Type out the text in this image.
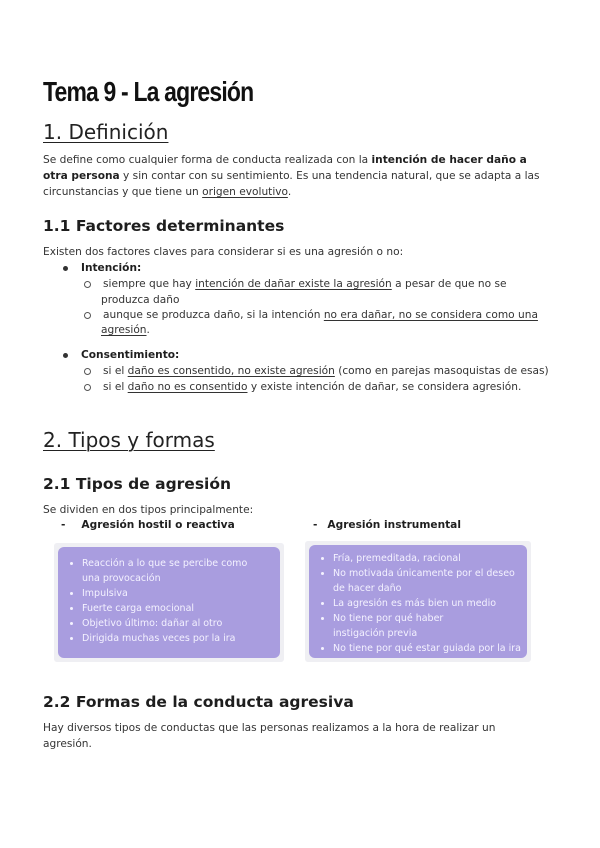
Tema 9 - La agresión
1. Definición
Se define como cualquier forma de conducta realizada con la intención de hacer daño a
otra persona y sin contar con su sentimiento. Es una tendencia natural, que se adapta a las
circunstancias y que tiene un origen evolutivo.
1.1 Factores determinantes
Existen dos factores claves para considerar si es una agresión o no:
Intención:
siempre que hay intención de dañar existe la agresión a pesar de que no se
produzca daño
aunque se produzca daño, si la intención no era dañar, no se considera como una
agresión.
Consentimiento:
si el daño es consentido, no existe agresión (como en parejas masoquistas de esas)
si el daño no es consentido y existe intención de dañar, se considera agresión.
2. Tipos y formas
2.1 Tipos de agresión
Se dividen en dos tipos principalmente:
- Agresión hostil o reactiva	- Agresión instrumental
Reacción a lo que se percibe como una provocación
Impulsiva
Fuerte carga emocional
Objetivo último: dañar al otro
Dirigida muchas veces por la ira
Fría, premeditada, racional
No motivada únicamente por el deseo de hacer daño
La agresión es más bien un medio
No tiene por qué haber instigación previa
No tiene por qué estar guiada por la ira
2.2 Formas de la conducta agresiva
Hay diversos tipos de conductas que las personas realizamos a la hora de realizar un
agresión.
